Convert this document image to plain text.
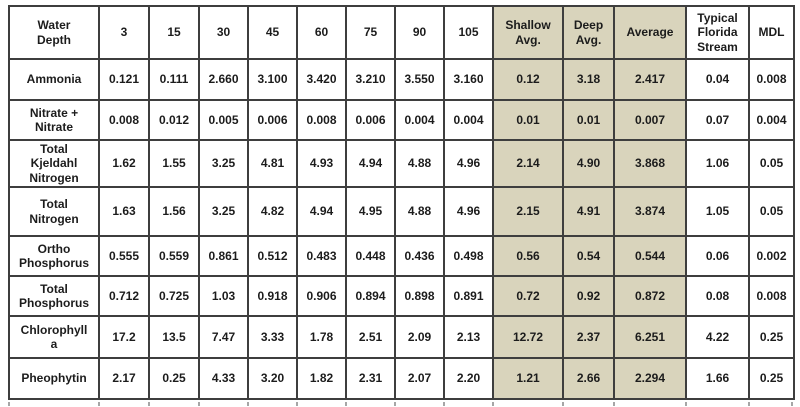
Water Depth	3	15	30	45	60	75	90	105	Shallow Avg.	Deep Avg.	Average	Typical Florida Stream	MDL
Ammonia	0.121	0.111	2.660	3.100	3.420	3.210	3.550	3.160	0.12	3.18	2.417	0.04	0.008
Nitrate + Nitrate	0.008	0.012	0.005	0.006	0.008	0.006	0.004	0.004	0.01	0.01	0.007	0.07	0.004
Total Kjeldahl Nitrogen	1.62	1.55	3.25	4.81	4.93	4.94	4.88	4.96	2.14	4.90	3.868	1.06	0.05
Total Nitrogen	1.63	1.56	3.25	4.82	4.94	4.95	4.88	4.96	2.15	4.91	3.874	1.05	0.05
Ortho Phosphorus	0.555	0.559	0.861	0.512	0.483	0.448	0.436	0.498	0.56	0.54	0.544	0.06	0.002
Total Phosphorus	0.712	0.725	1.03	0.918	0.906	0.894	0.898	0.891	0.72	0.92	0.872	0.08	0.008
Chlorophyll a	17.2	13.5	7.47	3.33	1.78	2.51	2.09	2.13	12.72	2.37	6.251	4.22	0.25
Pheophytin	2.17	0.25	4.33	3.20	1.82	2.31	2.07	2.20	1.21	2.66	2.294	1.66	0.25
